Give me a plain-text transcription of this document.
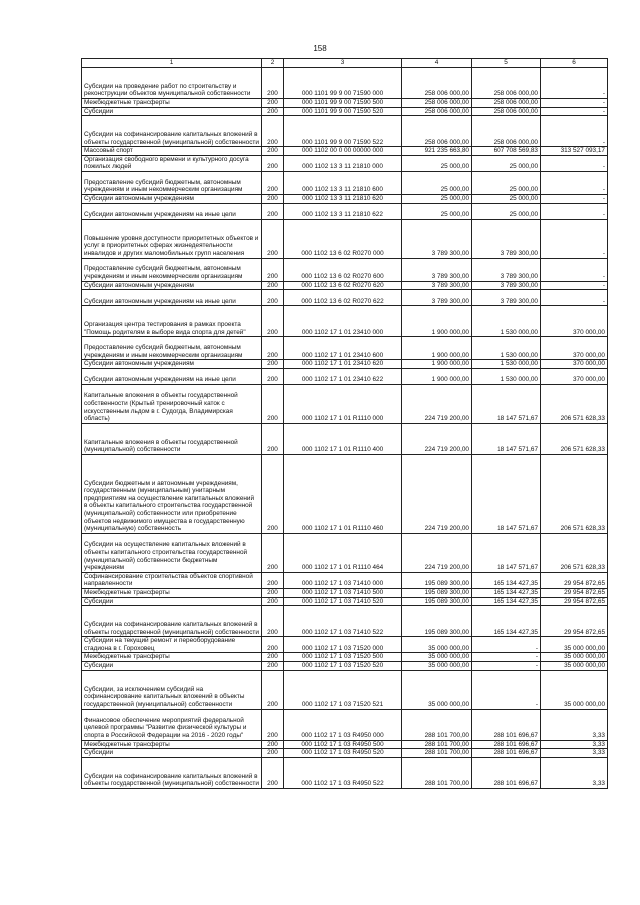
158
1	2	3	4	5	6
Субсидии на проведение работ по строительству и реконструкции объектов муниципальной собственности	200	000 1101 99 9 00 71590 000	258 006 000,00	258 006 000,00	-
Межбюджетные трансферты	200	000 1101 99 9 00 71590 500	258 006 000,00	258 006 000,00	-
Субсидии	200	000 1101 99 9 00 71590 520	258 006 000,00	258 006 000,00	-
Субсидии на софинансирование капитальных вложений в объекты государственной (муниципальной) собственности	200	000 1101 99 9 00 71590 522	258 006 000,00	258 006 000,00	-
Массовый спорт	200	000 1102 00 0 00 00000 000	921 235 663,80	607 708 569,83	313 527 093,17
Организация свободного времени и культурного досуга пожилых людей	200	000 1102 13 3 11 21810 000	25 000,00	25 000,00	-
Предоставление субсидий бюджетным, автономным учреждениям и иным некоммерческим организациям	200	000 1102 13 3 11 21810 600	25 000,00	25 000,00	-
Субсидии автономным учреждениям	200	000 1102 13 3 11 21810 620	25 000,00	25 000,00	-
Субсидии автономным учреждениям на иные цели	200	000 1102 13 3 11 21810 622	25 000,00	25 000,00	-
Повышение уровня доступности приоритетных объектов и услуг в приоритетных сферах жизнедеятельности инвалидов и других маломобильных групп населения	200	000 1102 13 6 02 R0270 000	3 789 300,00	3 789 300,00	-
Предоставление субсидий бюджетным, автономным учреждениям и иным некоммерческим организациям	200	000 1102 13 6 02 R0270 600	3 789 300,00	3 789 300,00	-
Субсидии автономным учреждениям	200	000 1102 13 6 02 R0270 620	3 789 300,00	3 789 300,00	-
Субсидии автономным учреждениям на иные цели	200	000 1102 13 6 02 R0270 622	3 789 300,00	3 789 300,00	-
Организация центра тестирования в рамках проекта "Помощь родителям в выборе вида спорта для детей"	200	000 1102 17 1 01 23410 000	1 900 000,00	1 530 000,00	370 000,00
Предоставление субсидий бюджетным, автономным учреждениям и иным некоммерческим организациям	200	000 1102 17 1 01 23410 600	1 900 000,00	1 530 000,00	370 000,00
Субсидии автономным учреждениям	200	000 1102 17 1 01 23410 620	1 900 000,00	1 530 000,00	370 000,00
Субсидии автономным учреждениям на иные цели	200	000 1102 17 1 01 23410 622	1 900 000,00	1 530 000,00	370 000,00
Капитальные вложения в объекты государственной собственности (Крытый тренировочный каток с искусственным льдом в г. Судогда, Владимирская область)	200	000 1102 17 1 01 R1110 000	224 719 200,00	18 147 571,67	206 571 628,33
Капитальные вложения в объекты государственной (муниципальной) собственности	200	000 1102 17 1 01 R1110 400	224 719 200,00	18 147 571,67	206 571 628,33
Субсидии бюджетным и автономным учреждениям, государственным (муниципальным) унитарным предприятиям на осуществление капитальных вложений в объекты капитального строительства государственной (муниципальной) собственности или приобретение объектов недвижимого имущества в государственную (муниципальную) собственность	200	000 1102 17 1 01 R1110 460	224 719 200,00	18 147 571,67	206 571 628,33
Субсидии на осуществление капитальных вложений в объекты капитального строительства государственной (муниципальной) собственности бюджетным учреждениям	200	000 1102 17 1 01 R1110 464	224 719 200,00	18 147 571,67	206 571 628,33
Софинансирование строительства объектов спортивной направленности	200	000 1102 17 1 03 71410 000	195 089 300,00	165 134 427,35	29 954 872,65
Межбюджетные трансферты	200	000 1102 17 1 03 71410 500	195 089 300,00	165 134 427,35	29 954 872,65
Субсидии	200	000 1102 17 1 03 71410 520	195 089 300,00	165 134 427,35	29 954 872,65
Субсидии на софинансирование капитальных вложений в объекты государственной (муниципальной) собственности	200	000 1102 17 1 03 71410 522	195 089 300,00	165 134 427,35	29 954 872,65
Субсидии на текущий ремонт и переоборудование стадиона в г. Гороховец	200	000 1102 17 1 03 71520 000	35 000 000,00	-	35 000 000,00
Межбюджетные трансферты	200	000 1102 17 1 03 71520 500	35 000 000,00	-	35 000 000,00
Субсидии	200	000 1102 17 1 03 71520 520	35 000 000,00	-	35 000 000,00
Субсидии, за исключением субсидий на софинансирование капитальных вложений в объекты государственной (муниципальной) собственности	200	000 1102 17 1 03 71520 521	35 000 000,00	-	35 000 000,00
Финансовое обеспечение мероприятий федеральной целевой программы "Развитие физической культуры и спорта в Российской Федерации на 2016 - 2020 годы"	200	000 1102 17 1 03 R4950 000	288 101 700,00	288 101 696,67	3,33
Межбюджетные трансферты	200	000 1102 17 1 03 R4950 500	288 101 700,00	288 101 696,67	3,33
Субсидии	200	000 1102 17 1 03 R4950 520	288 101 700,00	288 101 696,67	3,33
Субсидии на софинансирование капитальных вложений в объекты государственной (муниципальной) собственности	200	000 1102 17 1 03 R4950 522	288 101 700,00	288 101 696,67	3,33
